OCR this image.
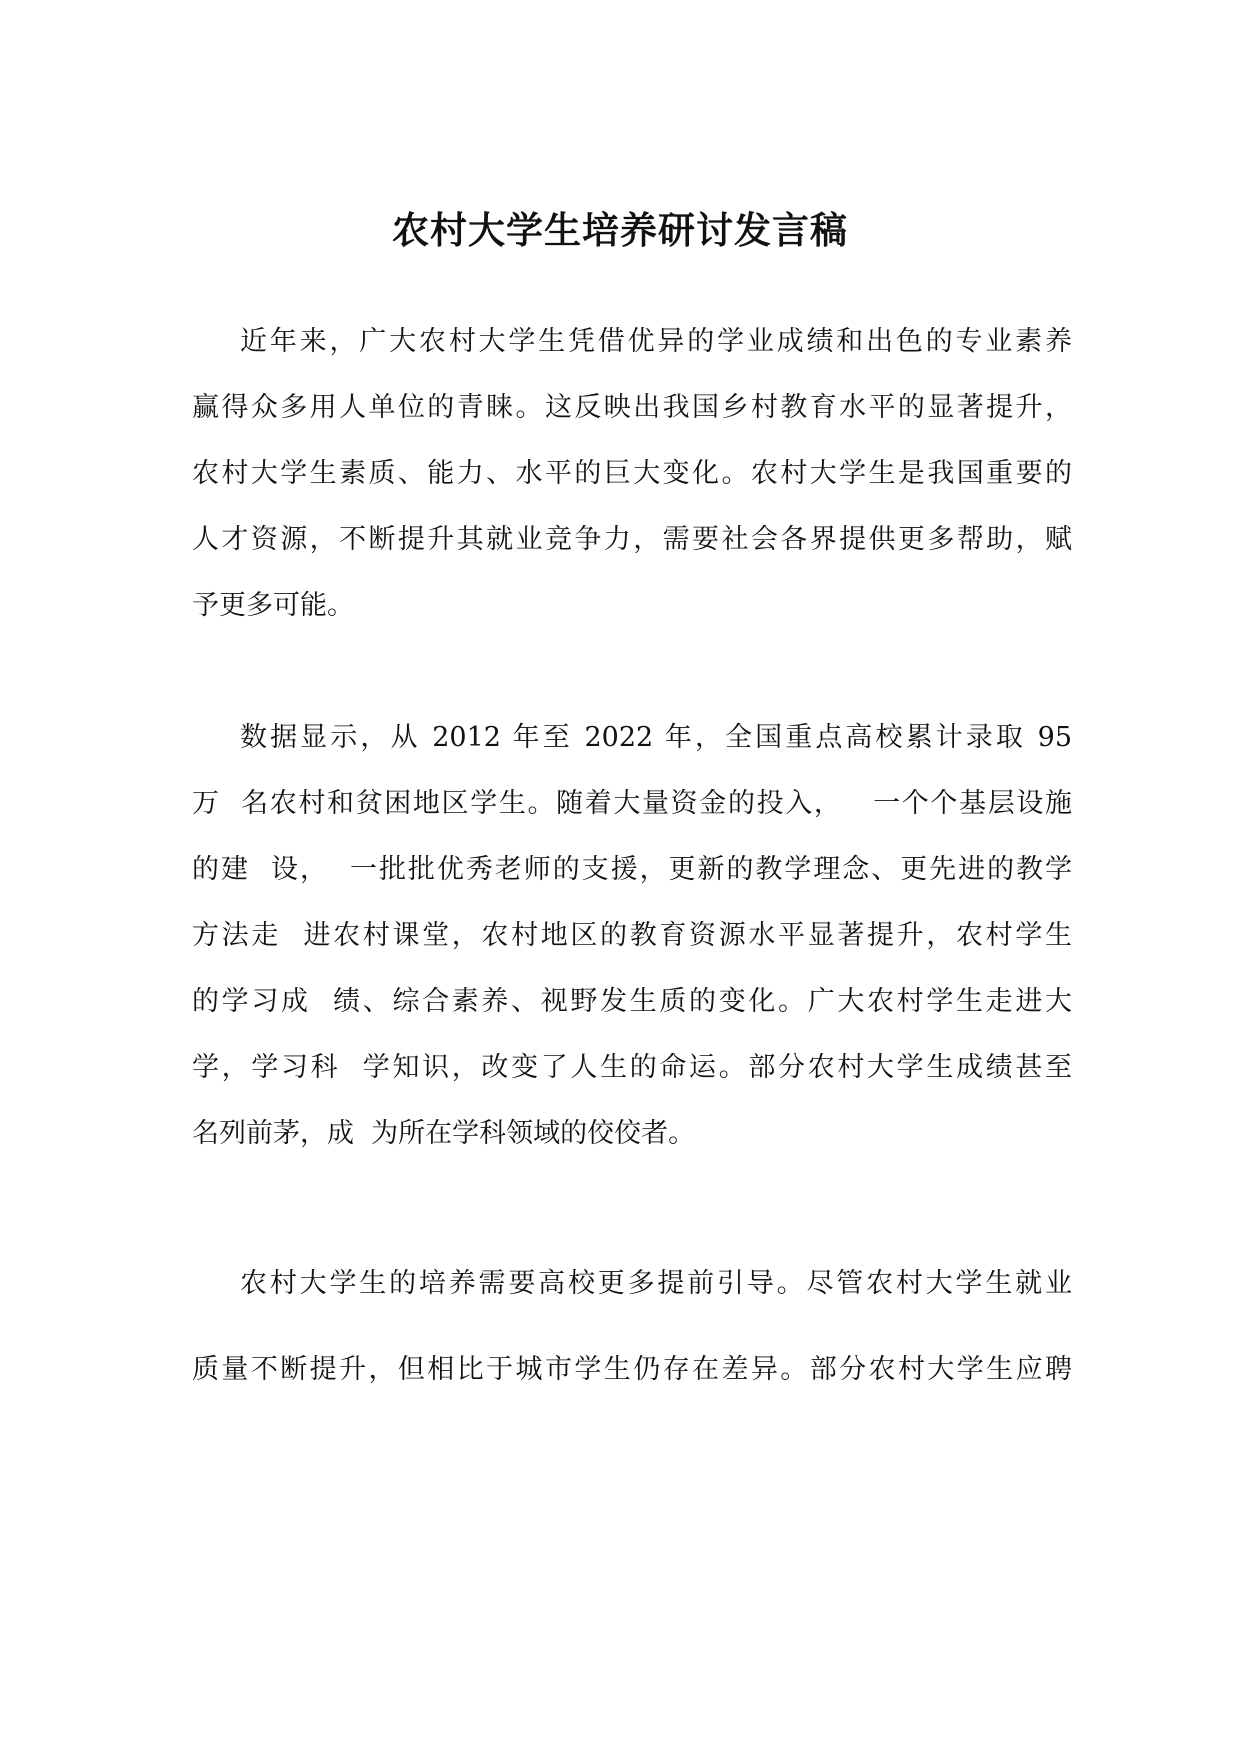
农村大学生培养研讨发言稿
近年来，广大农村大学生凭借优异的学业成绩和出色的专业素养
赢得众多用人单位的青睐。这反映出我国乡村教育水平的显著提升，
农村大学生素质、能力、水平的巨大变化。农村大学生是我国重要的
人才资源，不断提升其就业竞争力，需要社会各界提供更多帮助，赋
予更多可能。
数据显示，从 2012 年至 2022 年，全国重点高校累计录取 95
万  名农村和贫困地区学生。随着大量资金的投入，   一个个基层设施
的建  设，  一批批优秀老师的支援，更新的教学理念、更先进的教学
方法走  进农村课堂，农村地区的教育资源水平显著提升，农村学生
的学习成  绩、综合素养、视野发生质的变化。广大农村学生走进大
学，学习科  学知识，改变了人生的命运。部分农村大学生成绩甚至
名列前茅，成  为所在学科领域的佼佼者。
农村大学生的培养需要高校更多提前引导。尽管农村大学生就业
质量不断提升，但相比于城市学生仍存在差异。部分农村大学生应聘
